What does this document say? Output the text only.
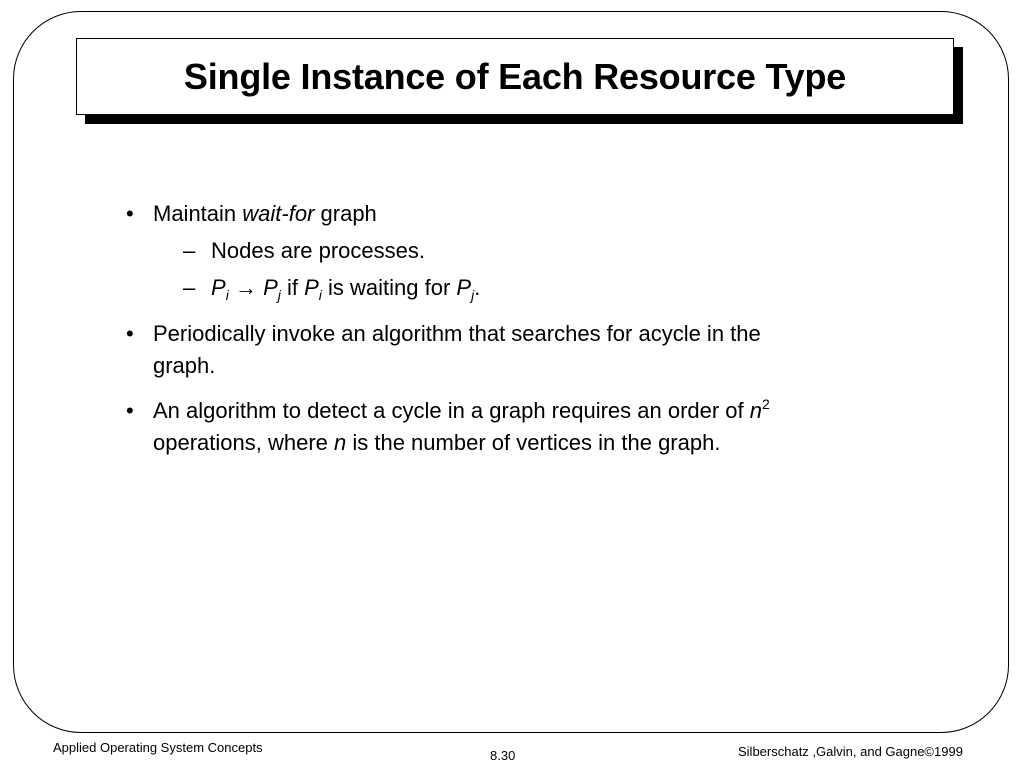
Single Instance of Each Resource Type
• Maintain wait-for graph
– Nodes are processes.
– $P_i \to P_j$ if $P_i$ is waiting for $P_j$.
• Periodically invoke an algorithm that searches for acycle in the
graph.
• An algorithm to detect a cycle in a graph requires an order of $n^2$
operations, where n is the number of vertices in the graph.
Applied Operating System Concepts
8.30	Silberschatz ,Galvin, and Gagne©1999
